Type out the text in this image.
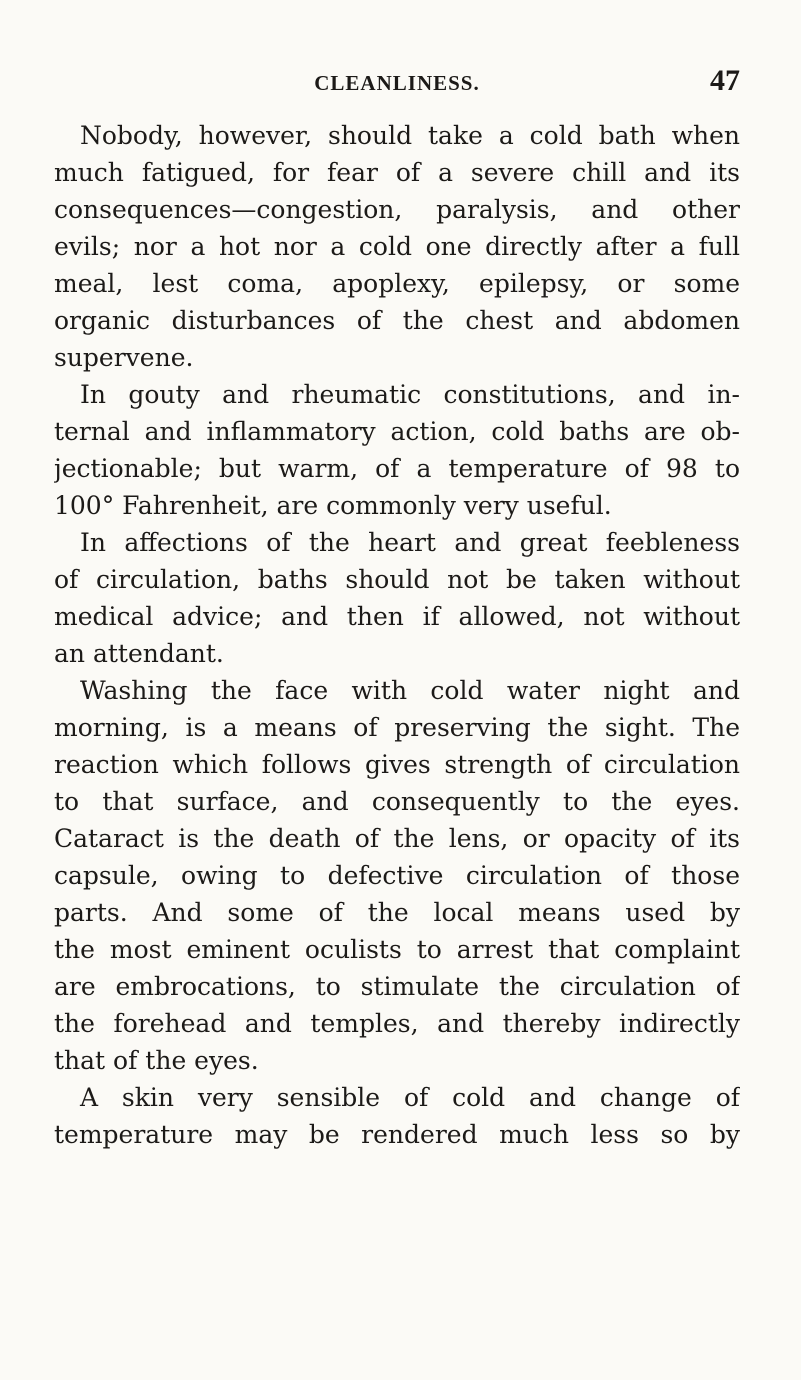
CLEANLINESS.	47
Nobody, however, should take a cold bath when
much fatigued, for fear of a severe chill and its
consequences—congestion, paralysis, and other
evils; nor a hot nor a cold one directly after a full
meal, lest coma, apoplexy, epilepsy, or some
organic disturbances of the chest and abdomen
supervene.
In gouty and rheumatic constitutions, and in-
ternal and inflammatory action, cold baths are ob-
jectionable; but warm, of a temperature of 98 to
100° Fahrenheit, are commonly very useful.
In affections of the heart and great feebleness
of circulation, baths should not be taken without
medical advice; and then if allowed, not without
an attendant.
Washing the face with cold water night and
morning, is a means of preserving the sight. The
reaction which follows gives strength of circulation
to that surface, and consequently to the eyes.
Cataract is the death of the lens, or opacity of its
capsule, owing to defective circulation of those
parts. And some of the local means used by
the most eminent oculists to arrest that complaint
are embrocations, to stimulate the circulation of
the forehead and temples, and thereby indirectly
that of the eyes.
A skin very sensible of cold and change of
temperature may be rendered much less so by
